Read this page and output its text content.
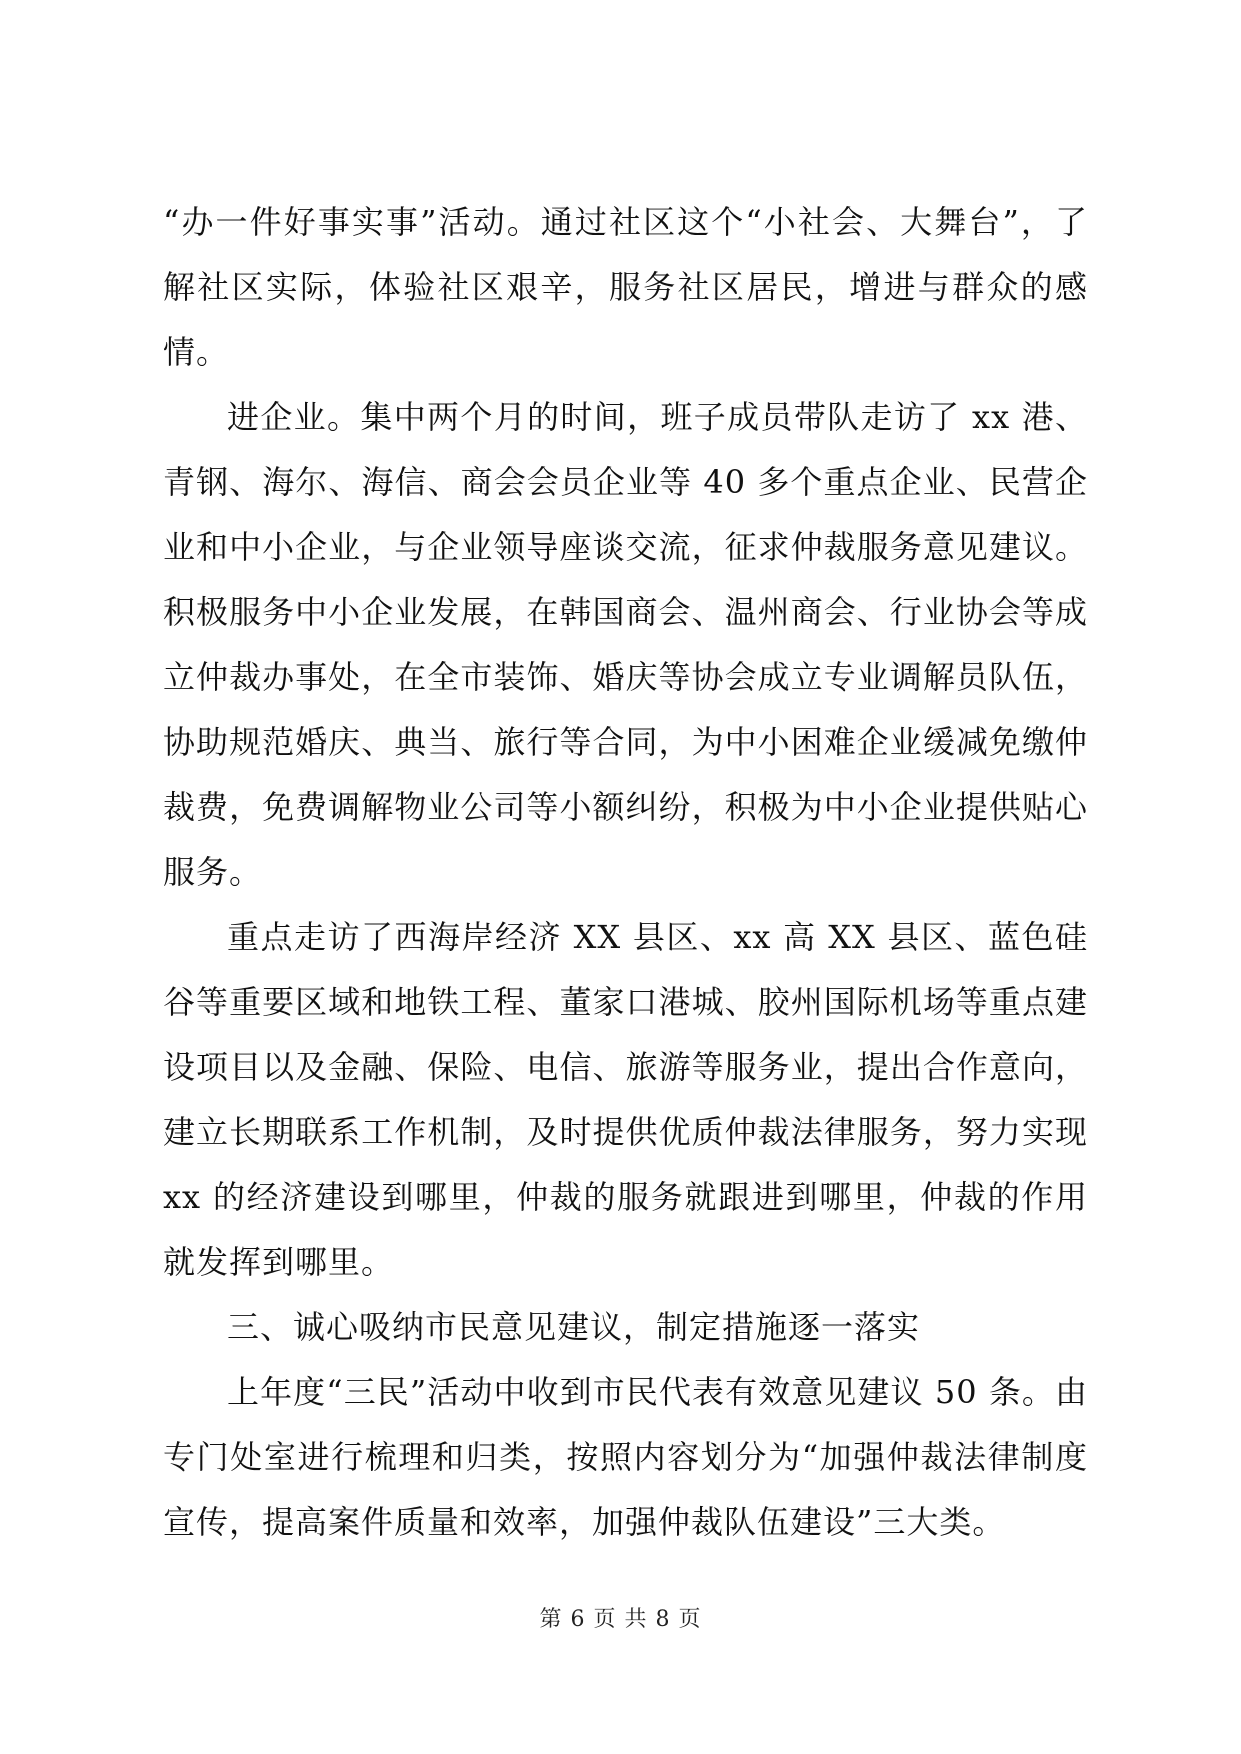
“办一件好事实事”活动。通过社区这个“小社会、大舞台”，了解社区实际，体验社区艰辛，服务社区居民，增进与群众的感情。

进企业。集中两个月的时间，班子成员带队走访了 xx 港、青钢、海尔、海信、商会会员企业等 40 多个重点企业、民营企业和中小企业，与企业领导座谈交流，征求仲裁服务意见建议。积极服务中小企业发展，在韩国商会、温州商会、行业协会等成立仲裁办事处，在全市装饰、婚庆等协会成立专业调解员队伍，协助规范婚庆、典当、旅行等合同，为中小困难企业缓减免缴仲裁费，免费调解物业公司等小额纠纷，积极为中小企业提供贴心服务。

重点走访了西海岸经济 XX 县区、xx 高 XX 县区、蓝色硅谷等重要区域和地铁工程、董家口港城、胶州国际机场等重点建设项目以及金融、保险、电信、旅游等服务业，提出合作意向，建立长期联系工作机制，及时提供优质仲裁法律服务，努力实现 xx 的经济建设到哪里，仲裁的服务就跟进到哪里，仲裁的作用就发挥到哪里。

三、诚心吸纳市民意见建议，制定措施逐一落实

上年度“三民”活动中收到市民代表有效意见建议 50 条。由专门处室进行梳理和归类，按照内容划分为“加强仲裁法律制度宣传，提高案件质量和效率，加强仲裁队伍建设”三大类。

第 6 页 共 8 页
